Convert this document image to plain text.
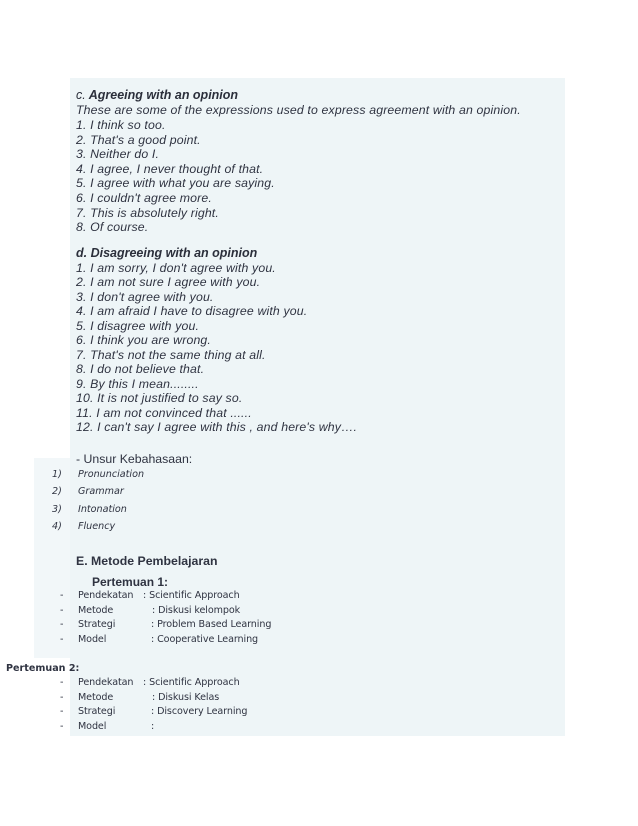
c. Agreeing with an opinion
These are some of the expressions used to express agreement with an opinion.
1. I think so too.
2. That's a good point.
3. Neither do I.
4. I agree, I never thought of that.
5. I agree with what you are saying.
6. I couldn't agree more.
7. This is absolutely right.
8. Of course.
d. Disagreeing with an opinion
1. I am sorry, I don't agree with you.
2. I am not sure I agree with you.
3. I don't agree with you.
4. I am afraid I have to disagree with you.
5. I disagree with you.
6. I think you are wrong.
7. That's not the same thing at all.
8. I do not believe that.
9. By this I mean........
10. It is not justified to say so.
11. I am not convinced that ......
12. I can't say I agree with this , and here's why….
- Unsur Kebahasaan:
1) Pronunciation
2) Grammar
3) Intonation
4) Fluency
E. Metode Pembelajaran
Pertemuan 1:
- Pendekatan : Scientific Approach
- Metode	: Diskusi kelompok
- Strategi	: Problem Based Learning
- Model	: Cooperative Learning
Pertemuan 2:
- Pendekatan : Scientific Approach
- Metode	: Diskusi Kelas
- Strategi	: Discovery Learning
- Model	:
